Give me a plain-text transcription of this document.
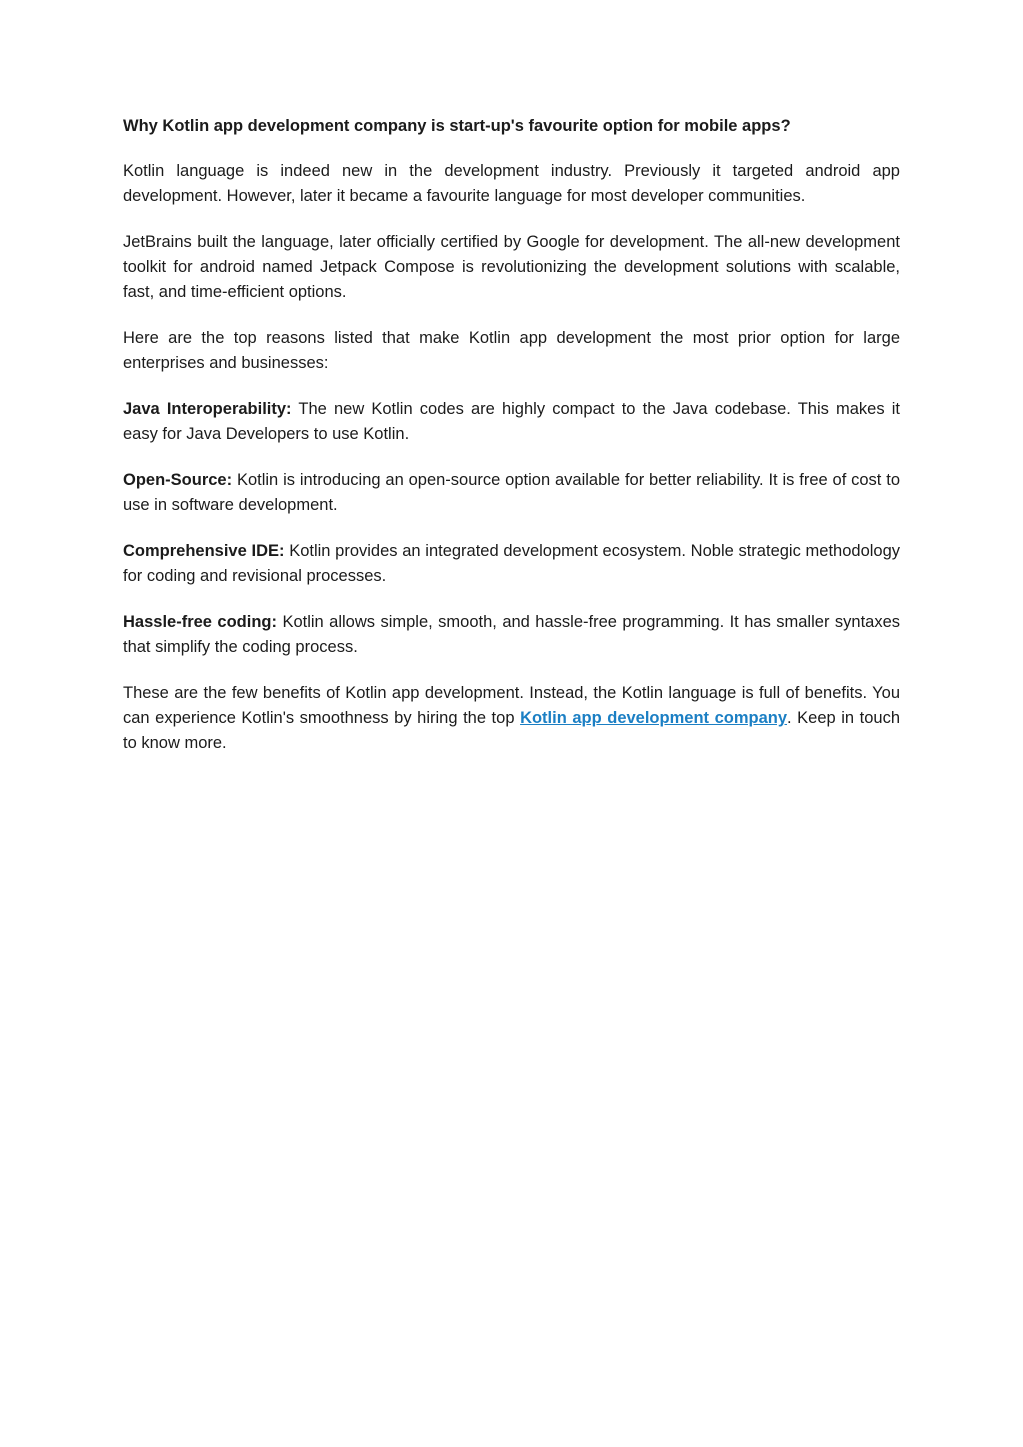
Why Kotlin app development company is start-up's favourite option for mobile apps?

Kotlin language is indeed new in the development industry. Previously it targeted android app development. However, later it became a favourite language for most developer communities.

JetBrains built the language, later officially certified by Google for development. The all-new development toolkit for android named Jetpack Compose is revolutionizing the development solutions with scalable, fast, and time-efficient options.

Here are the top reasons listed that make Kotlin app development the most prior option for large enterprises and businesses:

Java Interoperability: The new Kotlin codes are highly compact to the Java codebase. This makes it easy for Java Developers to use Kotlin.

Open-Source: Kotlin is introducing an open-source option available for better reliability. It is free of cost to use in software development.

Comprehensive IDE: Kotlin provides an integrated development ecosystem. Noble strategic methodology for coding and revisional processes.

Hassle-free coding: Kotlin allows simple, smooth, and hassle-free programming. It has smaller syntaxes that simplify the coding process.

These are the few benefits of Kotlin app development. Instead, the Kotlin language is full of benefits. You can experience Kotlin's smoothness by hiring the top Kotlin app development company. Keep in touch to know more.
